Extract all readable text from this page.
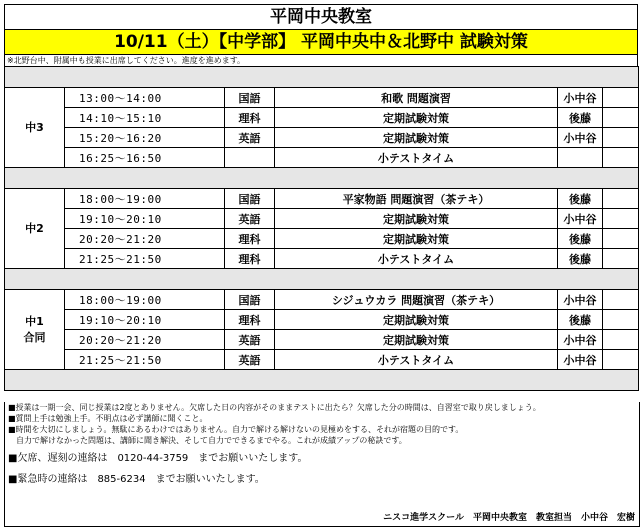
平岡中央教室
10/11（土）【中学部】 平岡中央中＆北野中 試験対策
※北野台中、附属中も授業に出席してください。進度を進めます。

中3	13:00〜14:00	国語	和歌 問題演習	小中谷	
	14:10〜15:10	理科	定期試験対策	後藤	
	15:20〜16:20	英語	定期試験対策	小中谷	
	16:25〜16:50		小テストタイム		

中2	18:00〜19:00	国語	平家物語 問題演習（茶テキ）	後藤	
	19:10〜20:10	英語	定期試験対策	小中谷	
	20:20〜21:20	理科	定期試験対策	後藤	
	21:25〜21:50	理科	小テストタイム	後藤	

中1
合同	18:00〜19:00	国語	シジュウカラ 問題演習（茶テキ）	小中谷	
	19:10〜20:10	理科	定期試験対策	後藤	
	20:20〜21:20	英語	定期試験対策	小中谷	
	21:25〜21:50	英語	小テストタイム	小中谷	

■授業は一期一会、同じ授業は2度とありません。欠席した日の内容がそのままテストに出たら？欠席した分の時間は、自習室で取り戻しましょう。
■質問上手は勉強上手。不明点は必ず講師に聞くこと。
■時間を大切にしましょう。無駄にあるわけではありません。自力で解ける解けないの見極めをする、それが宿題の目的です。
　自力で解けなかった問題は、講師に聞き解決、そして自力でできるまでやる。これが成績アップの秘訣です。
■欠席、遅刻の連絡は　0120-44-3759　までお願いいたします。
■緊急時の連絡は　885-6234　までお願いいたします。
ニスコ進学スクール　平岡中央教室　教室担当　小中谷　宏樹
